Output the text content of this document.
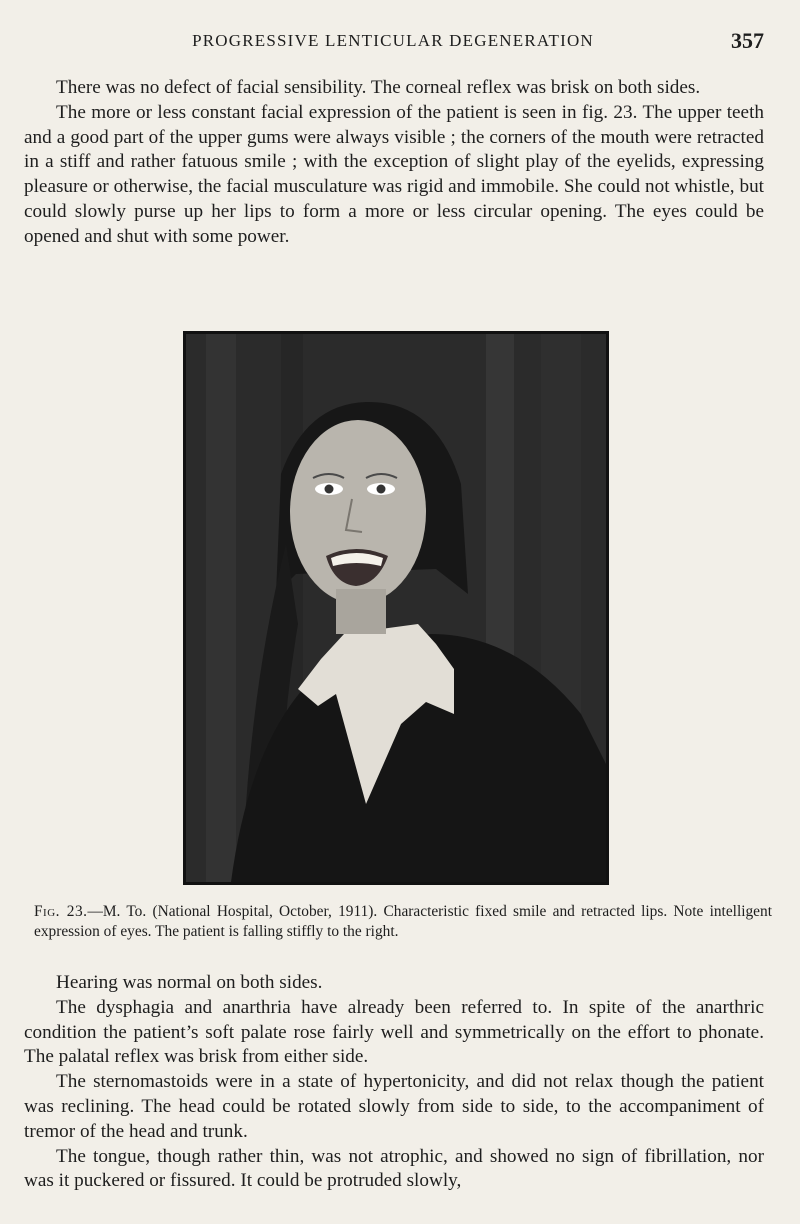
PROGRESSIVE LENTICULAR DEGENERATION	357

There was no defect of facial sensibility. The corneal reflex was brisk on both sides.

The more or less constant facial expression of the patient is seen in fig. 23. The upper teeth and a good part of the upper gums were always visible ; the corners of the mouth were retracted in a stiff and rather fatuous smile ; with the exception of slight play of the eyelids, expressing pleasure or otherwise, the facial musculature was rigid and immobile. She could not whistle, but could slowly purse up her lips to form a more or less circular opening. The eyes could be opened and shut with some power.

Fig. 23.—M. To. (National Hospital, October, 1911). Characteristic fixed smile and retracted lips. Note intelligent expression of eyes. The patient is falling stiffly to the right.

Hearing was normal on both sides.

The dysphagia and anarthria have already been referred to. In spite of the anarthric condition the patient’s soft palate rose fairly well and symmetrically on the effort to phonate. The palatal reflex was brisk from either side.

The sternomastoids were in a state of hypertonicity, and did not relax though the patient was reclining. The head could be rotated slowly from side to side, to the accompaniment of tremor of the head and trunk.

The tongue, though rather thin, was not atrophic, and showed no sign of fibrillation, nor was it puckered or fissured. It could be protruded slowly,
